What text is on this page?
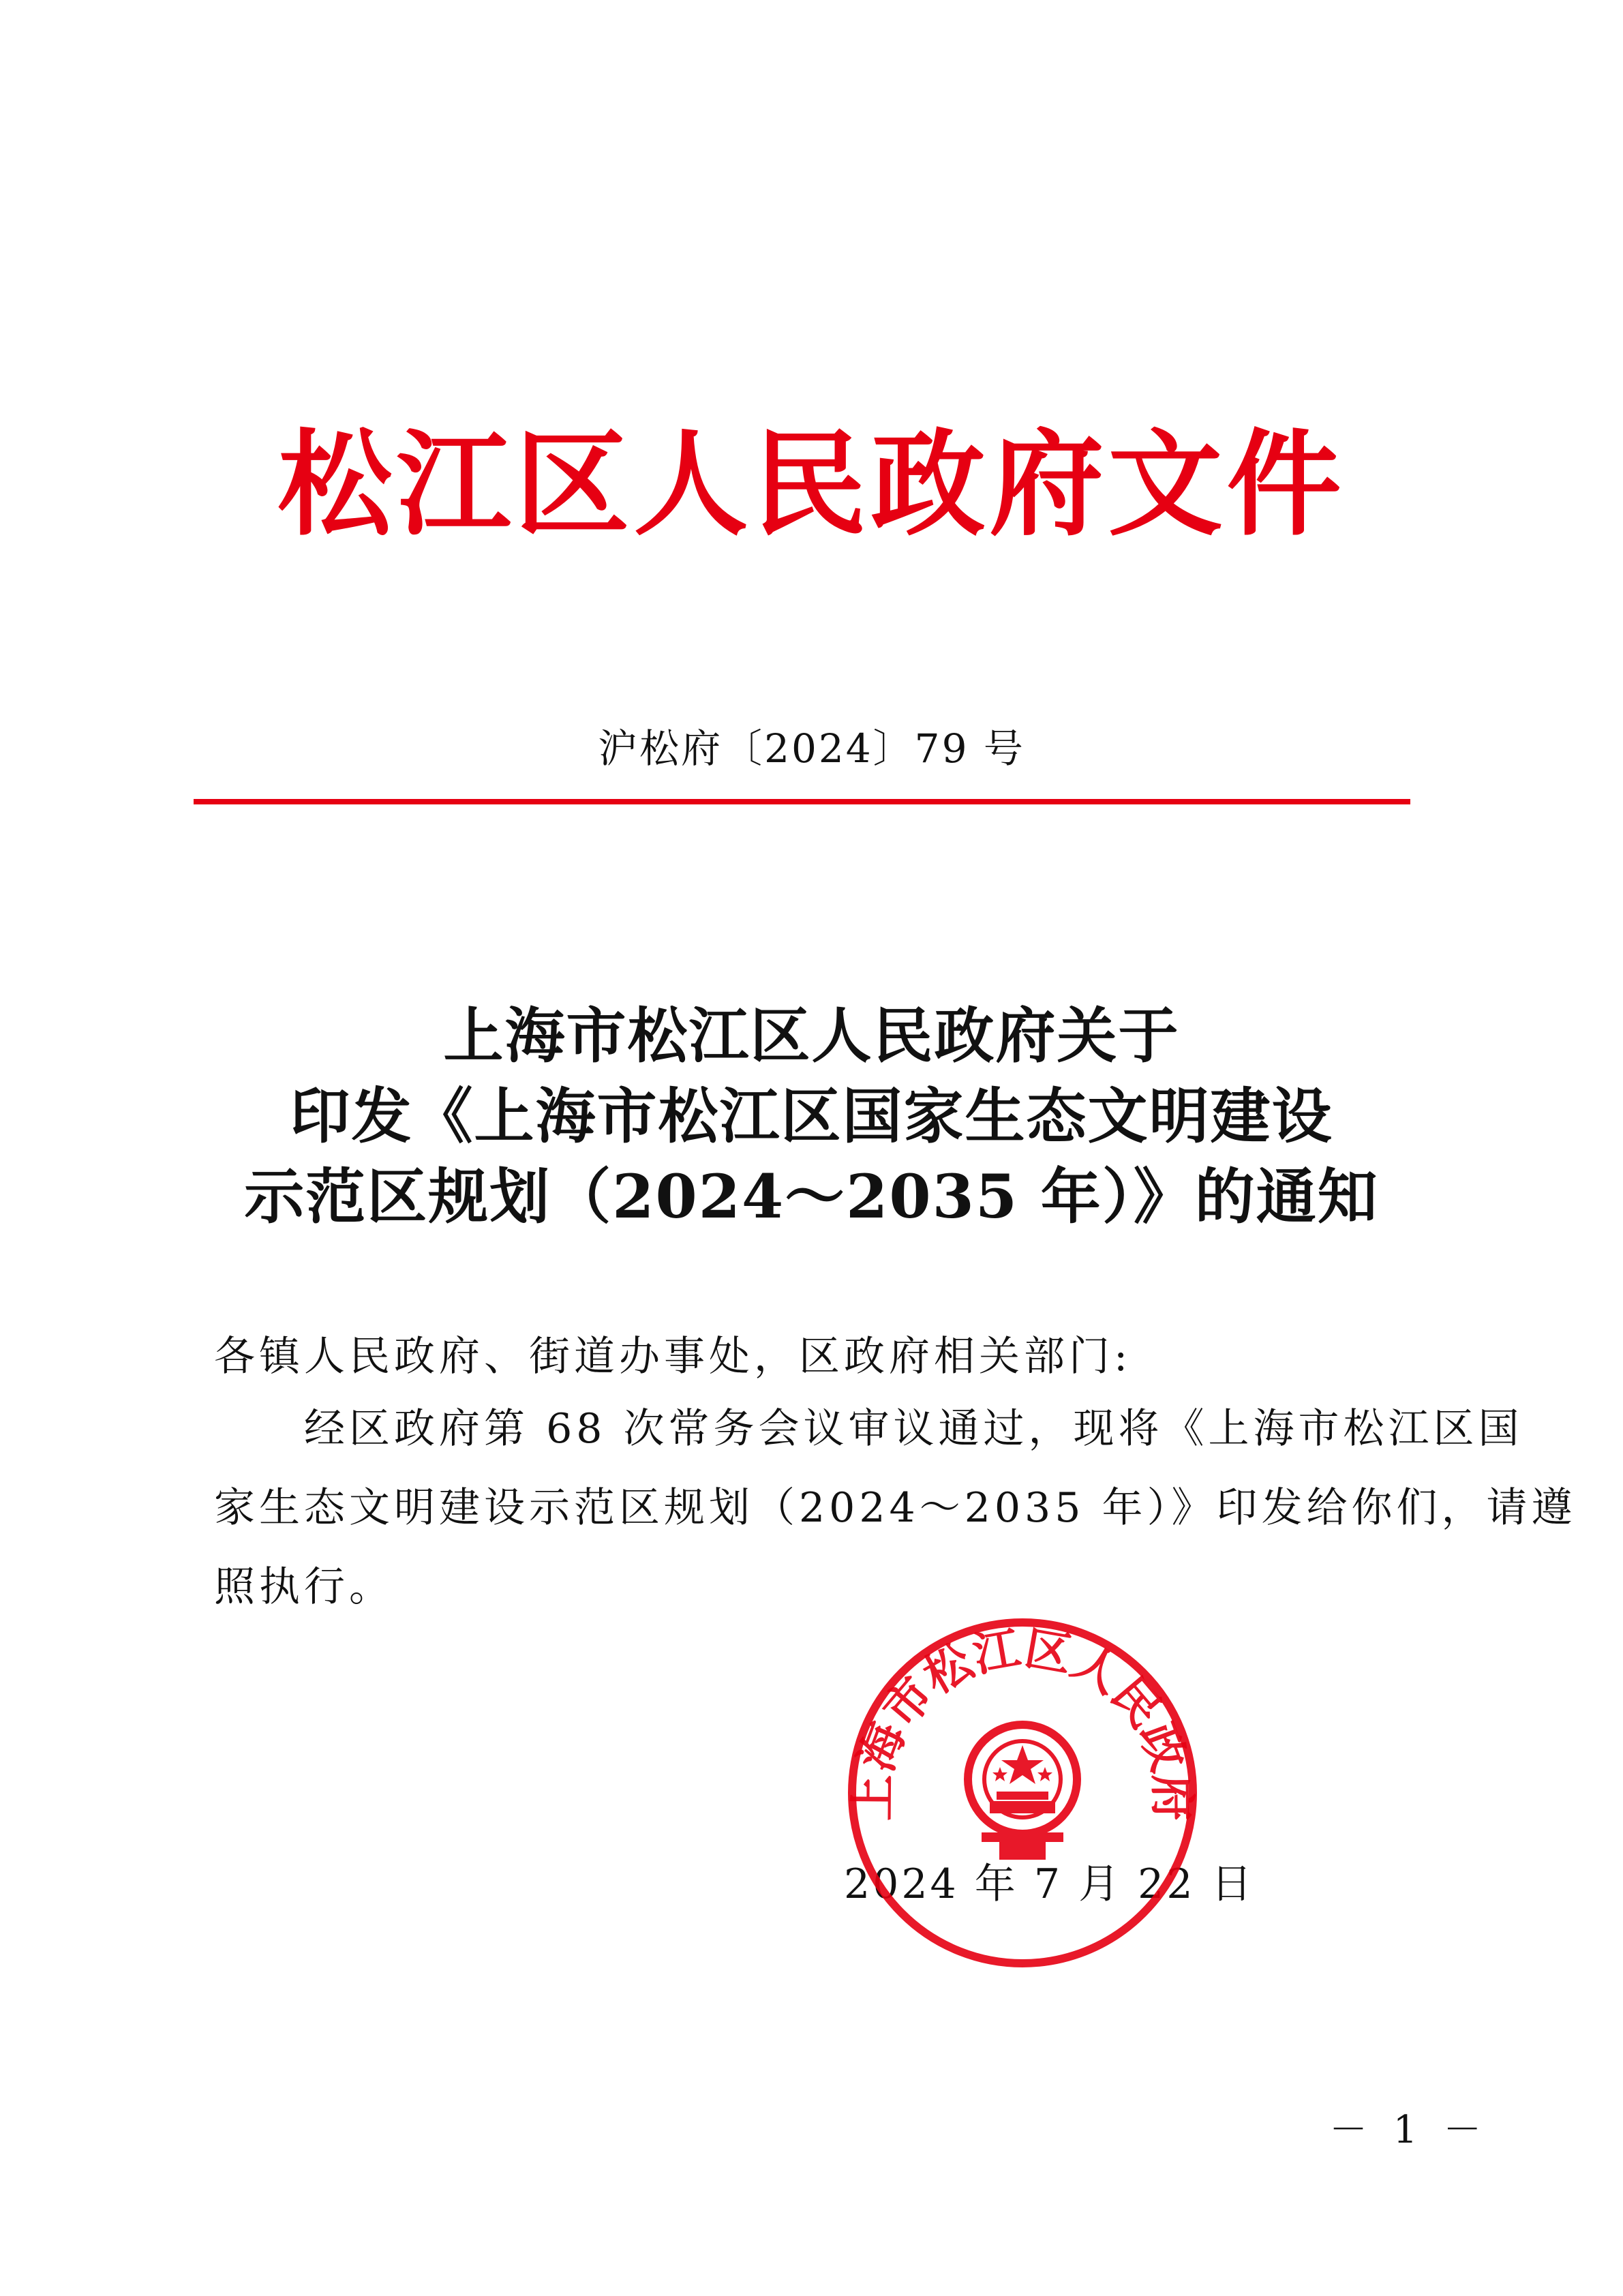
松江区人民政府文件
沪松府〔2024〕79 号
上海市松江区人民政府关于
印发《上海市松江区国家生态文明建设
示范区规划（2024～2035 年）》的通知
各镇人民政府、街道办事处，区政府相关部门:
　　经区政府第 68 次常务会议审议通过，现将《上海市松江区国
家生态文明建设示范区规划（2024～2035 年）》印发给你们，请遵
照执行。
2024 年 7 月 22 日
上海市松江区人民政府
－ 1 －
